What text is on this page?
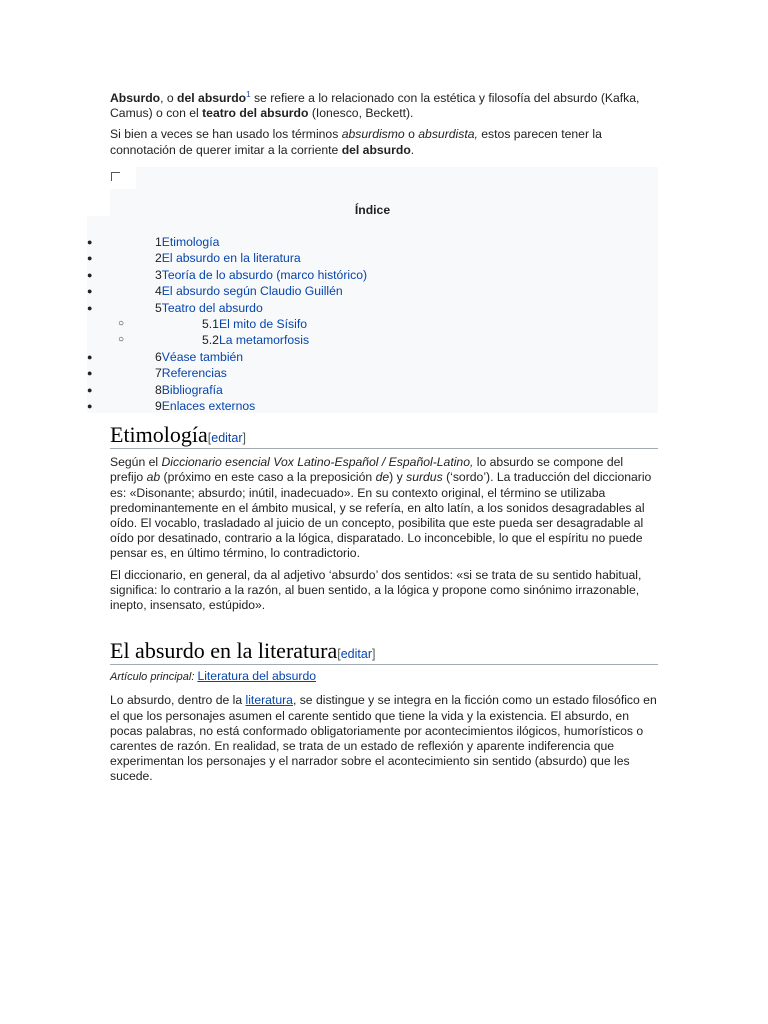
Absurdo, o del absurdo$^1$ se refiere a lo relacionado con la estética y filosofía del absurdo (Kafka, Camus) o con el teatro del absurdo (Ionesco, Beckett).

Si bien a veces se han usado los términos absurdismo o absurdista, estos parecen tener la connotación de querer imitar a la corriente del absurdo.

Índice
●	1Etimología
●	2El absurdo en la literatura
●	3Teoría de lo absurdo (marco histórico)
●	4El absurdo según Claudio Guillén
●	5Teatro del absurdo
○	5.1El mito de Sísifo
○	5.2La metamorfosis
●	6Véase también
●	7Referencias
●	8Bibliografía
●	9Enlaces externos
Etimología[editar]

Según el Diccionario esencial Vox Latino-Español / Español-Latino, lo absurdo se compone del prefijo ab (próximo en este caso a la preposición de) y surdus (‘sordo’). La traducción del diccionario es: «Disonante; absurdo; inútil, inadecuado». En su contexto original, el término se utilizaba predominantemente en el ámbito musical, y se refería, en alto latín, a los sonidos desagradables al oído. El vocablo, trasladado al juicio de un concepto, posibilita que este pueda ser desagradable al oído por desatinado, contrario a la lógica, disparatado. Lo inconcebible, lo que el espíritu no puede pensar es, en último término, lo contradictorio.

El diccionario, en general, da al adjetivo ‘absurdo’ dos sentidos: «si se trata de su sentido habitual, significa: lo contrario a la razón, al buen sentido, a la lógica y propone como sinónimo irrazonable, inepto, insensato, estúpido».

El absurdo en la literatura[editar]
Artículo principal: Literatura del absurdo

Lo absurdo, dentro de la literatura, se distingue y se integra en la ficción como un estado filosófico en el que los personajes asumen el carente sentido que tiene la vida y la existencia. El absurdo, en pocas palabras, no está conformado obligatoriamente por acontecimientos ilógicos, humorísticos o carentes de razón. En realidad, se trata de un estado de reflexión y aparente indiferencia que experimentan los personajes y el narrador sobre el acontecimiento sin sentido (absurdo) que les sucede.
